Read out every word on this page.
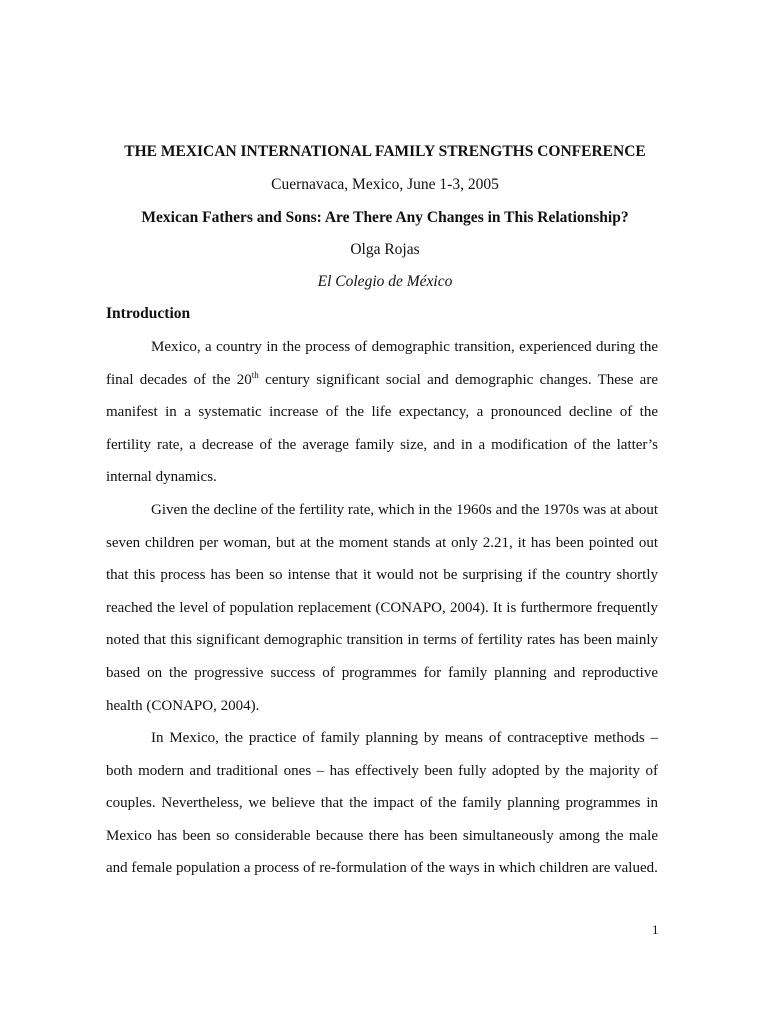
THE MEXICAN INTERNATIONAL FAMILY STRENGTHS CONFERENCE
Cuernavaca, Mexico, June 1-3, 2005
Mexican Fathers and Sons: Are There Any Changes in This Relationship?
Olga Rojas
El Colegio de México
Introduction

Mexico, a country in the process of demographic transition, experienced during the final decades of the 20th century significant social and demographic changes. These are manifest in a systematic increase of the life expectancy, a pronounced decline of the fertility rate, a decrease of the average family size, and in a modification of the latter’s internal dynamics.

Given the decline of the fertility rate, which in the 1960s and the 1970s was at about seven children per woman, but at the moment stands at only 2.21, it has been pointed out that this process has been so intense that it would not be surprising if the country shortly reached the level of population replacement (CONAPO, 2004). It is furthermore frequently noted that this significant demographic transition in terms of fertility rates has been mainly based on the progressive success of programmes for family planning and reproductive health (CONAPO, 2004).

In Mexico, the practice of family planning by means of contraceptive methods – both modern and traditional ones – has effectively been fully adopted by the majority of couples. Nevertheless, we believe that the impact of the family planning programmes in Mexico has been so considerable because there has been simultaneously among the male and female population a process of re-formulation of the ways in which children are valued.

1
